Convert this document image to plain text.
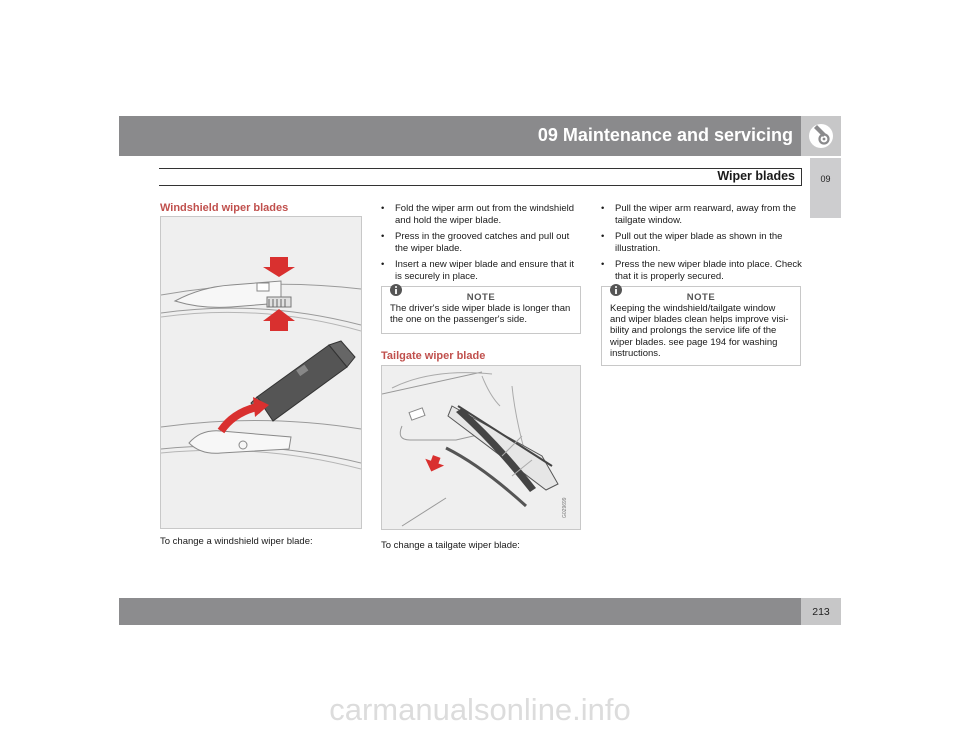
09 Maintenance and servicing
Wiper blades	09
Windshield wiper blades
To change a windshield wiper blade:
• Fold the wiper arm out from the windshield and hold the wiper blade.
• Press in the grooved catches and pull out the wiper blade.
• Insert a new wiper blade and ensure that it is securely in place.
NOTE
The driver's side wiper blade is longer than the one on the passenger's side.
Tailgate wiper blade
G029699
To change a tailgate wiper blade:
• Pull the wiper arm rearward, away from the tailgate window.
• Pull out the wiper blade as shown in the illustration.
• Press the new wiper blade into place. Check that it is properly secured.
NOTE
Keeping the windshield/tailgate window and wiper blades clean helps improve visi-bility and prolongs the service life of the wiper blades. see page 194 for washing instructions.
213
carmanualsonline.info
